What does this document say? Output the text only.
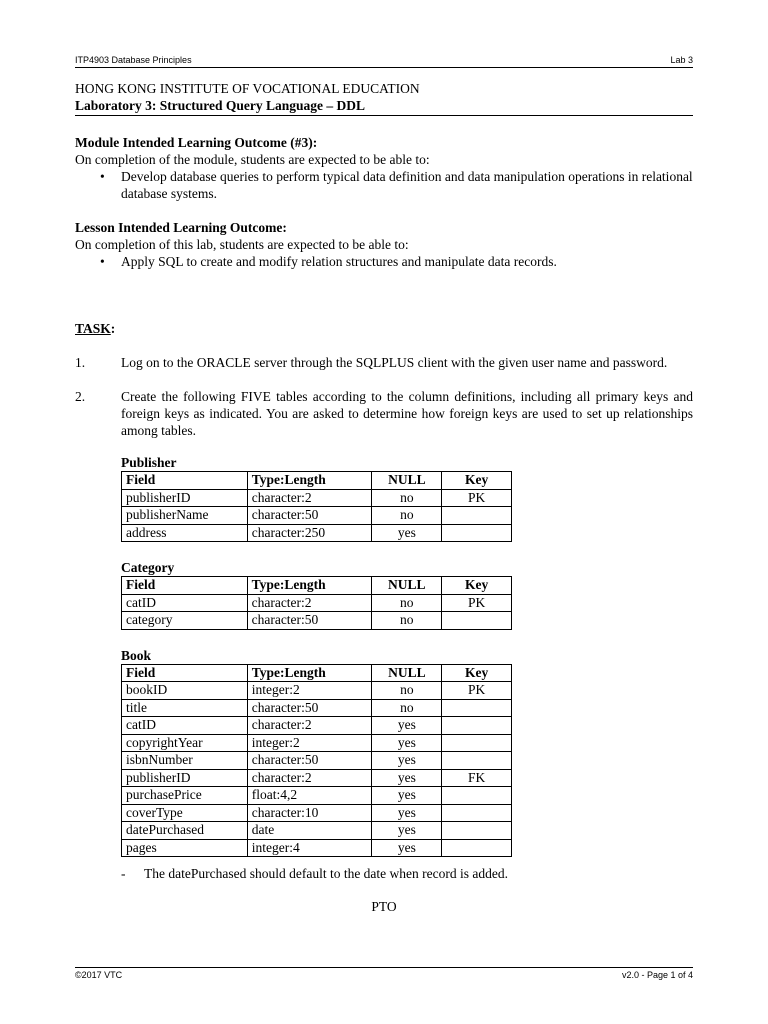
ITP4903 Database Principles	Lab 3

HONG KONG INSTITUTE OF VOCATIONAL EDUCATION

Laboratory 3: Structured Query Language – DDL

Module Intended Learning Outcome (#3):

On completion of the module, students are expected to be able to:

• Develop database queries to perform typical data definition and data manipulation operations in relational database systems.

Lesson Intended Learning Outcome:

On completion of this lab, students are expected to be able to:

• Apply SQL to create and modify relation structures and manipulate data records.

TASK:

1.	Log on to the ORACLE server through the SQLPLUS client with the given user name and password.
2.	Create the following FIVE tables according to the column definitions, including all primary keys and foreign keys as indicated. You are asked to determine how foreign keys are used to set up relationships among tables.

Publisher

Field	Type:Length	NULL	Key
publisherID	character:2	no	PK
publisherName	character:50	no	
address	character:250	yes	

Category

Field	Type:Length	NULL	Key
catID	character:2	no	PK
category	character:50	no	

Book

Field	Type:Length	NULL	Key
bookID	integer:2	no	PK
title	character:50	no	
catID	character:2	yes	
copyrightYear	integer:2	yes	
isbnNumber	character:50	yes	
publisherID	character:2	yes	FK
purchasePrice	float:4,2	yes	
coverType	character:10	yes	
datePurchased	date	yes	
pages	integer:4	yes	
-	The datePurchased should default to the date when record is added.

PTO

©2017 VTC	v2.0 - Page 1 of 4
